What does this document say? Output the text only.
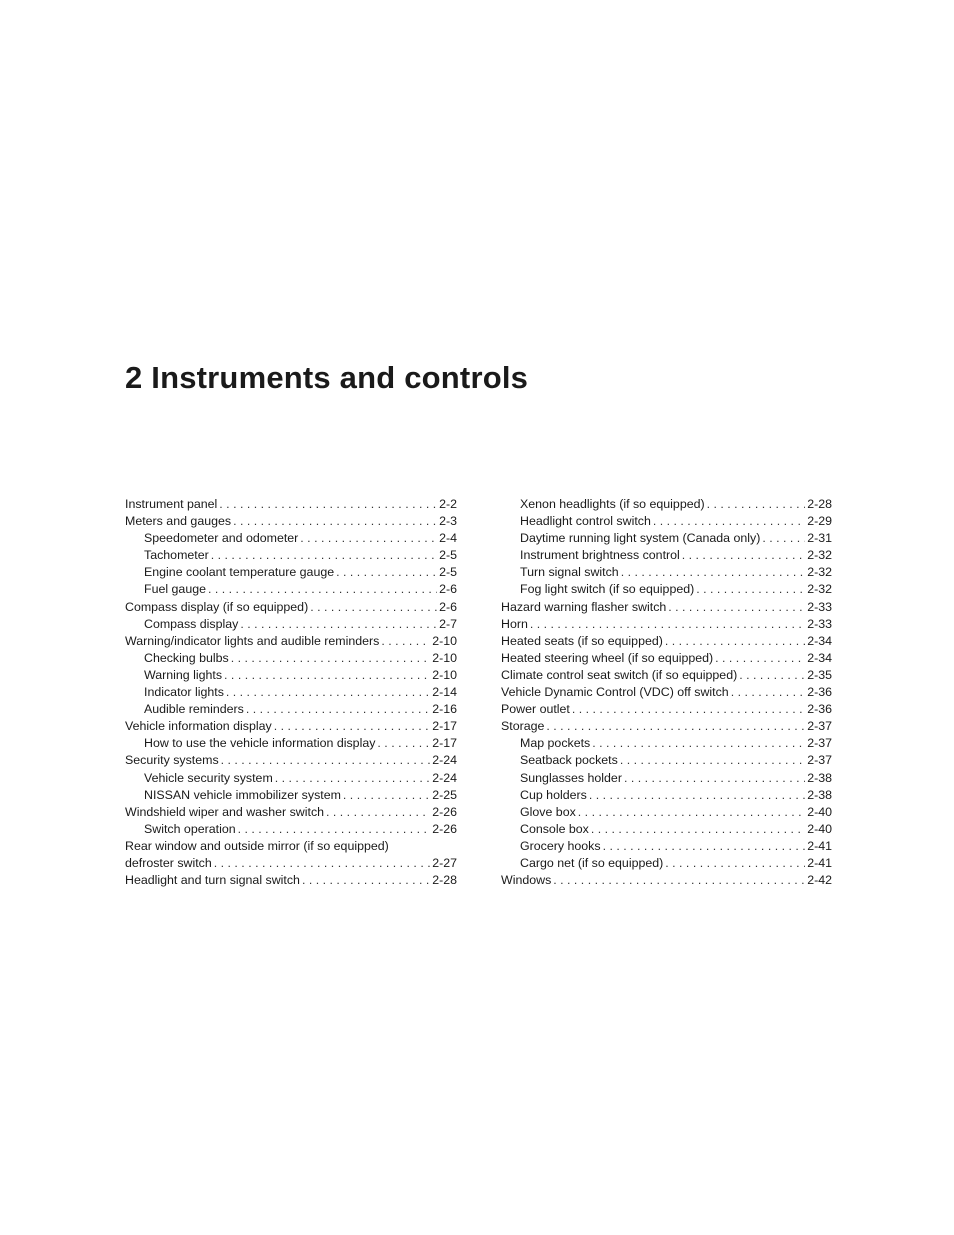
2 Instruments and controls
Instrument panel . . .	2-2
Meters and gauges . . .	2-3
Speedometer and odometer . . .	2-4
Tachometer . . .	2-5
Engine coolant temperature gauge . . .	2-5
Fuel gauge . . .	2-6
Compass display (if so equipped) . . .	2-6
Compass display . . .	2-7
Warning/indicator lights and audible reminders . . .	2-10
Checking bulbs . . .	2-10
Warning lights . . .	2-10
Indicator lights . . .	2-14
Audible reminders . . .	2-16
Vehicle information display . . .	2-17
How to use the vehicle information display . . .	2-17
Security systems . . .	2-24
Vehicle security system . . .	2-24
NISSAN vehicle immobilizer system . . .	2-25
Windshield wiper and washer switch . . .	2-26
Switch operation . . .	2-26
Rear window and outside mirror (if so equipped)
defroster switch . . .	2-27
Headlight and turn signal switch . . .	2-28
Xenon headlights (if so equipped) . . .	2-28
Headlight control switch . . .	2-29
Daytime running light system (Canada only) . . .	2-31
Instrument brightness control . . .	2-32
Turn signal switch . . .	2-32
Fog light switch (if so equipped) . . .	2-32
Hazard warning flasher switch . . .	2-33
Horn . . .	2-33
Heated seats (if so equipped) . . .	2-34
Heated steering wheel (if so equipped) . . .	2-34
Climate control seat switch (if so equipped) . . .	2-35
Vehicle Dynamic Control (VDC) off switch . . .	2-36
Power outlet . . .	2-36
Storage . . .	2-37
Map pockets . . .	2-37
Seatback pockets . . .	2-37
Sunglasses holder . . .	2-38
Cup holders . . .	2-38
Glove box . . .	2-40
Console box . . .	2-40
Grocery hooks . . .	2-41
Cargo net (if so equipped) . . .	2-41
Windows . . .	2-42
